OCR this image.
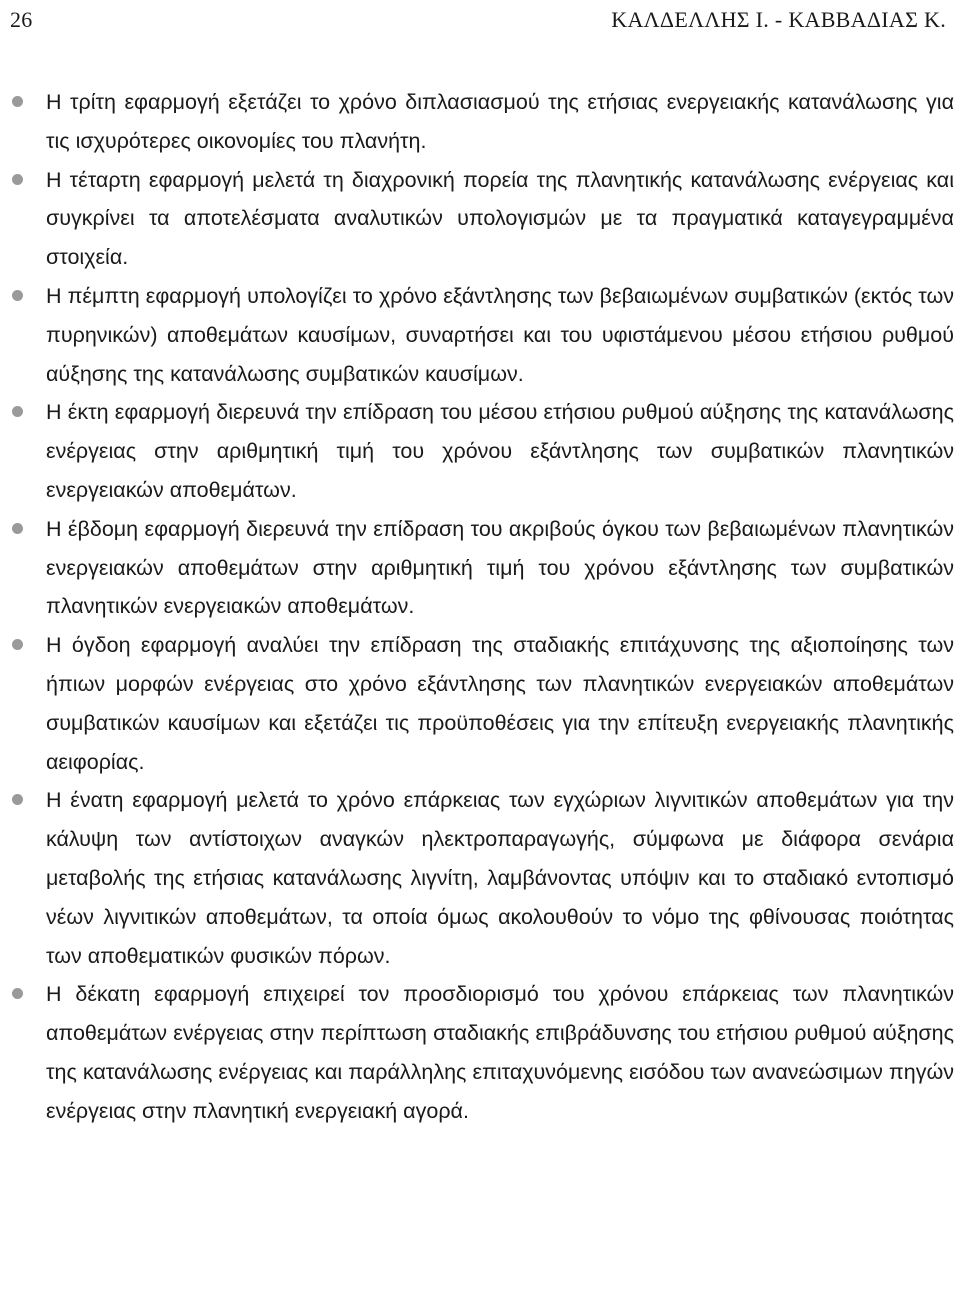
26	ΚΑΛΔΕΛΛΗΣ Ι. - ΚΑΒΒΑΔΙΑΣ Κ.
Η τρίτη εφαρμογή εξετάζει το χρόνο διπλασιασμού της ετήσιας ενεργειακής κατανάλωσης για τις ισχυρότερες οικονομίες του πλανήτη.
Η τέταρτη εφαρμογή μελετά τη διαχρονική πορεία της πλανητικής κατανάλωσης ενέργειας και συγκρίνει τα αποτελέσματα αναλυτικών υπολογισμών με τα πραγματικά καταγεγραμμένα στοιχεία.
Η πέμπτη εφαρμογή υπολογίζει το χρόνο εξάντλησης των βεβαιωμένων συμβατικών (εκτός των πυρηνικών) αποθεμάτων καυσίμων, συναρτήσει και του υφιστάμενου μέσου ετήσιου ρυθμού αύξησης της κατανάλωσης συμβατικών καυσίμων.
Η έκτη εφαρμογή διερευνά την επίδραση του μέσου ετήσιου ρυθμού αύξησης της κατανάλωσης ενέργειας στην αριθμητική τιμή του χρόνου εξάντλησης των συμβατικών πλανητικών ενεργειακών αποθεμάτων.
Η έβδομη εφαρμογή διερευνά την επίδραση του ακριβούς όγκου των βεβαιωμένων πλανητικών ενεργειακών αποθεμάτων στην αριθμητική τιμή του χρόνου εξάντλησης των συμβατικών πλανητικών ενεργειακών αποθεμάτων.
Η όγδοη εφαρμογή αναλύει την επίδραση της σταδιακής επιτάχυνσης της αξιοποίησης των ήπιων μορφών ενέργειας στο χρόνο εξάντλησης των πλανητικών ενεργειακών αποθεμάτων συμβατικών καυσίμων και εξετάζει τις προϋποθέσεις για την επίτευξη ενεργειακής πλανητικής αειφορίας.
Η ένατη εφαρμογή μελετά το χρόνο επάρκειας των εγχώριων λιγνιτικών αποθεμάτων για την κάλυψη των αντίστοιχων αναγκών ηλεκτροπαραγωγής, σύμφωνα με διάφορα σενάρια μεταβολής της ετήσιας κατανάλωσης λιγνίτη, λαμβάνοντας υπόψιν και το σταδιακό εντοπισμό νέων λιγνιτικών αποθεμάτων, τα οποία όμως ακολουθούν το νόμο της φθίνουσας ποιότητας των αποθεματικών φυσικών πόρων.
Η δέκατη εφαρμογή επιχειρεί τον προσδιορισμό του χρόνου επάρκειας των πλανητικών αποθεμάτων ενέργειας στην περίπτωση σταδιακής επιβράδυνσης του ετήσιου ρυθμού αύξησης της κατανάλωσης ενέργειας και παράλληλης επιταχυνόμενης εισόδου των ανανεώσιμων πηγών ενέργειας στην πλανητική ενεργειακή αγορά.
